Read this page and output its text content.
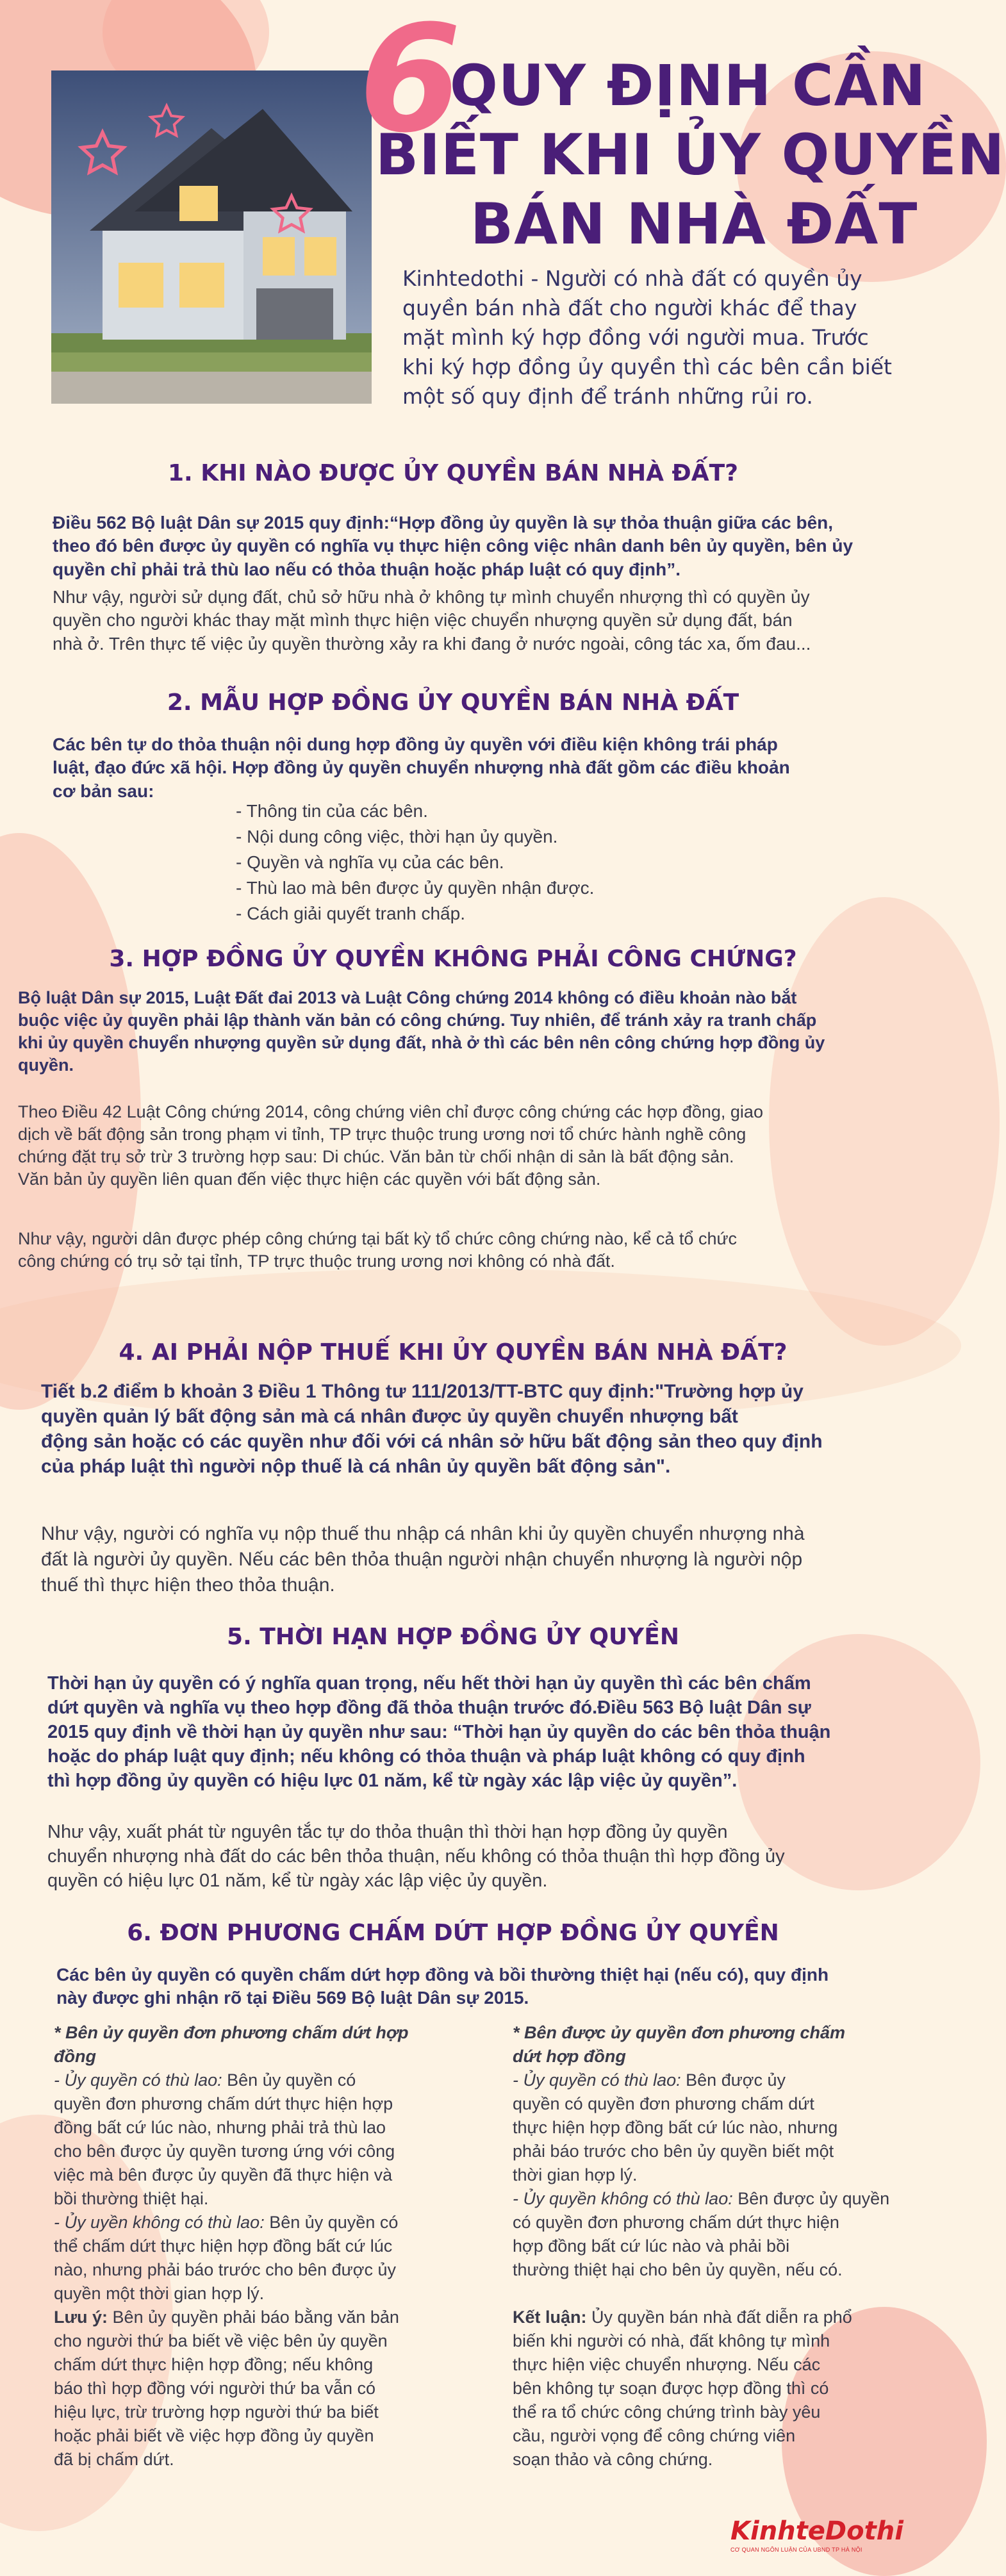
6
QUY ĐỊNH CẦN
BIẾT KHI ỦY QUYỀN
BÁN NHÀ ĐẤT
Kinhtedothi - Người có nhà đất có quyền ủy quyền bán nhà đất cho người khác để thay mặt mình ký hợp đồng với người mua. Trước khi ký hợp đồng ủy quyền thì các bên cần biết một số quy định để tránh những rủi ro.
1. KHI NÀO ĐƯỢC ỦY QUYỀN BÁN NHÀ ĐẤT?
Điều 562 Bộ luật Dân sự 2015 quy định:“Hợp đồng ủy quyền là sự thỏa thuận giữa các bên,
theo đó bên được ủy quyền có nghĩa vụ thực hiện công việc nhân danh bên ủy quyền, bên ủy
quyền chỉ phải trả thù lao nếu có thỏa thuận hoặc pháp luật có quy định”.
Như vậy, người sử dụng đất, chủ sở hữu nhà ở không tự mình chuyển nhượng thì có quyền ủy
quyền cho người khác thay mặt mình thực hiện việc chuyển nhượng quyền sử dụng đất, bán
nhà ở. Trên thực tế việc ủy quyền thường xảy ra khi đang ở nước ngoài, công tác xa, ốm đau...
2. MẪU HỢP ĐỒNG ỦY QUYỀN BÁN NHÀ ĐẤT
Các bên tự do thỏa thuận nội dung hợp đồng ủy quyền với điều kiện không trái pháp
luật, đạo đức xã hội. Hợp đồng ủy quyền chuyển nhượng nhà đất gồm các điều khoản
cơ bản sau:
- Thông tin của các bên.
- Nội dung công việc, thời hạn ủy quyền.
- Quyền và nghĩa vụ của các bên.
- Thù lao mà bên được ủy quyền nhận được.
- Cách giải quyết tranh chấp.
3. HỢP ĐỒNG ỦY QUYỀN KHÔNG PHẢI CÔNG CHỨNG?
Bộ luật Dân sự 2015, Luật Đất đai 2013 và Luật Công chứng 2014 không có điều khoản nào bắt
buộc việc ủy quyền phải lập thành văn bản có công chứng. Tuy nhiên, để tránh xảy ra tranh chấp
khi ủy quyền chuyển nhượng quyền sử dụng đất, nhà ở thì các bên nên công chứng hợp đồng ủy
quyền.
Theo Điều 42 Luật Công chứng 2014, công chứng viên chỉ được công chứng các hợp đồng, giao
dịch về bất động sản trong phạm vi tỉnh, TP trực thuộc trung ương nơi tổ chức hành nghề công
chứng đặt trụ sở trừ 3 trường hợp sau: Di chúc. Văn bản từ chối nhận di sản là bất động sản.
Văn bản ủy quyền liên quan đến việc thực hiện các quyền với bất động sản.
Như vậy, người dân được phép công chứng tại bất kỳ tổ chức công chứng nào, kể cả tổ chức
công chứng có trụ sở tại tỉnh, TP trực thuộc trung ương nơi không có nhà đất.
4. AI PHẢI NỘP THUẾ KHI ỦY QUYỀN BÁN NHÀ ĐẤT?
Tiết b.2 điểm b khoản 3 Điều 1 Thông tư 111/2013/TT-BTC quy định:"Trường hợp ủy
quyền quản lý bất động sản mà cá nhân được ủy quyền chuyển nhượng bất
động sản hoặc có các quyền như đối với cá nhân sở hữu bất động sản theo quy định
của pháp luật thì người nộp thuế là cá nhân ủy quyền bất động sản".
Như vậy, người có nghĩa vụ nộp thuế thu nhập cá nhân khi ủy quyền chuyển nhượng nhà
đất là người ủy quyền. Nếu các bên thỏa thuận người nhận chuyển nhượng là người nộp
thuế thì thực hiện theo thỏa thuận.
5. THỜI HẠN HỢP ĐỒNG ỦY QUYỀN
Thời hạn ủy quyền có ý nghĩa quan trọng, nếu hết thời hạn ủy quyền thì các bên chấm
dứt quyền và nghĩa vụ theo hợp đồng đã thỏa thuận trước đó.Điều 563 Bộ luật Dân sự
2015 quy định về thời hạn ủy quyền như sau: “Thời hạn ủy quyền do các bên thỏa thuận
hoặc do pháp luật quy định; nếu không có thỏa thuận và pháp luật không có quy định
thì hợp đồng ủy quyền có hiệu lực 01 năm, kể từ ngày xác lập việc ủy quyền”.
Như vậy, xuất phát từ nguyên tắc tự do thỏa thuận thì thời hạn hợp đồng ủy quyền
chuyển nhượng nhà đất do các bên thỏa thuận, nếu không có thỏa thuận thì hợp đồng ủy
quyền có hiệu lực 01 năm, kể từ ngày xác lập việc ủy quyền.
6. ĐƠN PHƯƠNG CHẤM DỨT HỢP ĐỒNG ỦY QUYỀN
Các bên ủy quyền có quyền chấm dứt hợp đồng và bồi thường thiệt hại (nếu có), quy định
này được ghi nhận rõ tại Điều 569 Bộ luật Dân sự 2015.

* Bên ủy quyền đơn phương chấm dứt hợp
đồng

- Ủy quyền có thù lao: Bên ủy quyền có
quyền đơn phương chấm dứt thực hiện hợp
đồng bất cứ lúc nào, nhưng phải trả thù lao
cho bên được ủy quyền tương ứng với công
việc mà bên được ủy quyền đã thực hiện và
bồi thường thiệt hại.

- Ủy uyền không có thù lao: Bên ủy quyền có
thể chấm dứt thực hiện hợp đồng bất cứ lúc
nào, nhưng phải báo trước cho bên được ủy
quyền một thời gian hợp lý.

Lưu ý: Bên ủy quyền phải báo bằng văn bản
cho người thứ ba biết về việc bên ủy quyền
chấm dứt thực hiện hợp đồng; nếu không
báo thì hợp đồng với người thứ ba vẫn có
hiệu lực, trừ trường hợp người thứ ba biết
hoặc phải biết về việc hợp đồng ủy quyền
đã bị chấm dứt.

* Bên được ủy quyền đơn phương chấm
dứt hợp đồng

- Ủy quyền có thù lao: Bên được ủy
quyền có quyền đơn phương chấm dứt
thực hiện hợp đồng bất cứ lúc nào, nhưng
phải báo trước cho bên ủy quyền biết một
thời gian hợp lý.

- Ủy quyền không có thù lao: Bên được ủy quyền
có quyền đơn phương chấm dứt thực hiện
hợp đồng bất cứ lúc nào và phải bồi
thường thiệt hại cho bên ủy quyền, nếu có.

Kết luận: Ủy quyền bán nhà đất diễn ra phổ
biến khi người có nhà, đất không tự mình
thực hiện việc chuyển nhượng. Nếu các
bên không tự soạn được hợp đồng thì có
thể ra tổ chức công chứng trình bày yêu
cầu, người vọng để công chứng viên
soạn thảo và công chứng.

KinhteDothi
CƠ QUAN NGÔN LUẬN CỦA UBND TP HÀ NỘI
